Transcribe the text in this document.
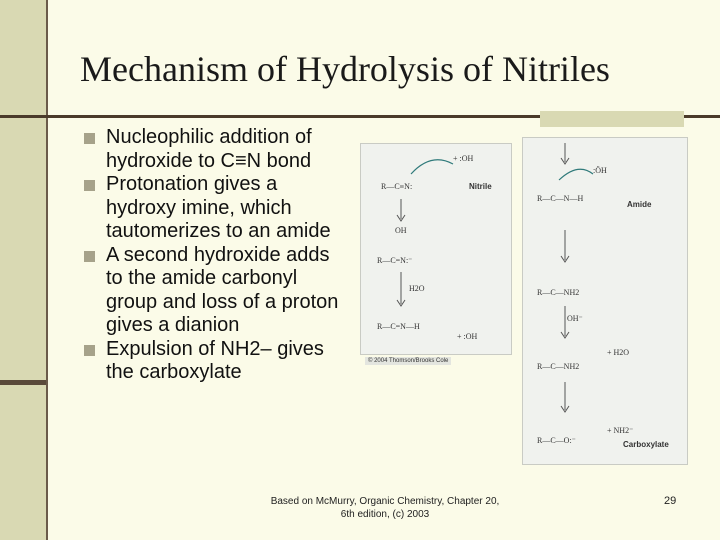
Mechanism of Hydrolysis of Nitriles
Nucleophilic addition of hydroxide to C≡N bond
Protonation gives a hydroxy imine, which tautomerizes to an amide
A second hydroxide adds to the amide carbonyl group and loss of a proton gives a dianion
Expulsion of NH2– gives the carboxylate
+ :OH
Nitrile
R—C≡N:
OH
R—C=N:⁻
H2O
R—C=N—H
+ :OH
© 2004 Thomson/Brooks Cole
:ÖH
R—C—N—H
Amide
R—C—NH2
OH⁻
R—C—NH2
+ H2O
R—C—O:⁻
+ NH2⁻
Carboxylate
Based on McMurry, Organic Chemistry, Chapter 20, 6th edition, (c) 2003
29
